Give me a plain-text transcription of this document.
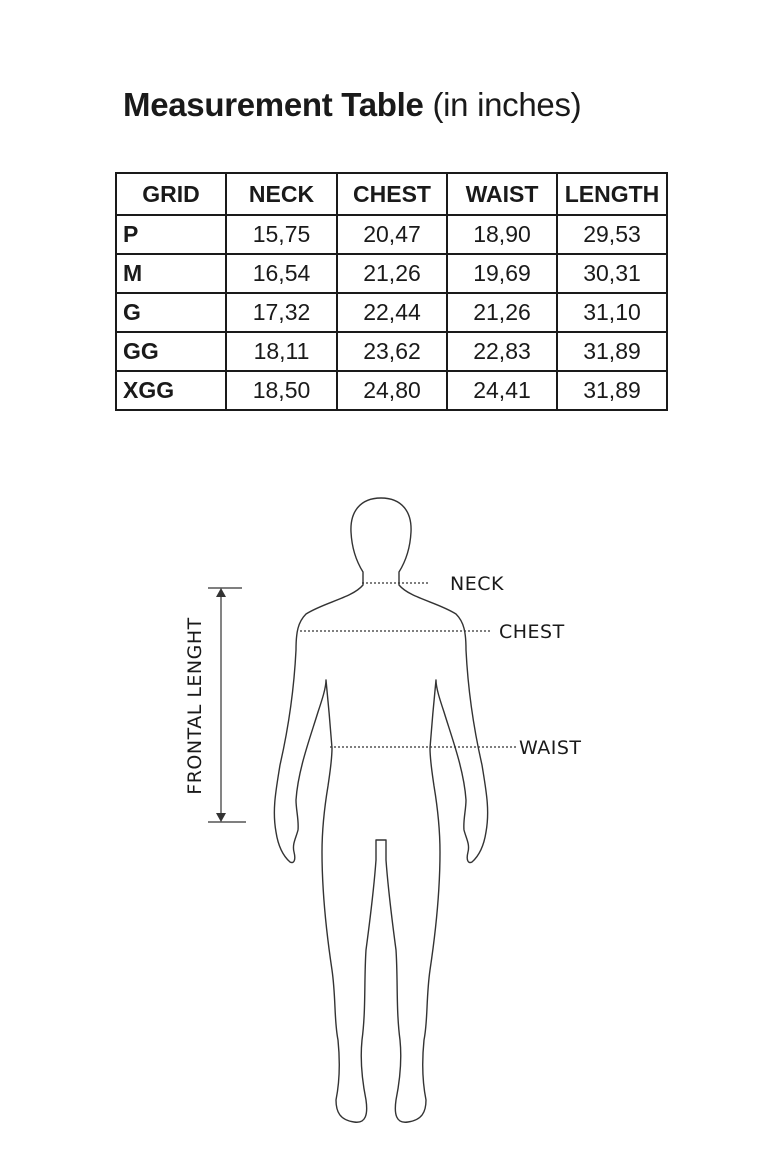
Measurement Table (in inches)
GRID	NECK	CHEST	WAIST	LENGTH
P	15,75	20,47	18,90	29,53
M	16,54	21,26	19,69	30,31
G	17,32	22,44	21,26	31,10
GG	18,11	23,62	22,83	31,89
XGG	18,50	24,80	24,41	31,89
NECK
CHEST
WAIST
FRONTAL LENGHT
